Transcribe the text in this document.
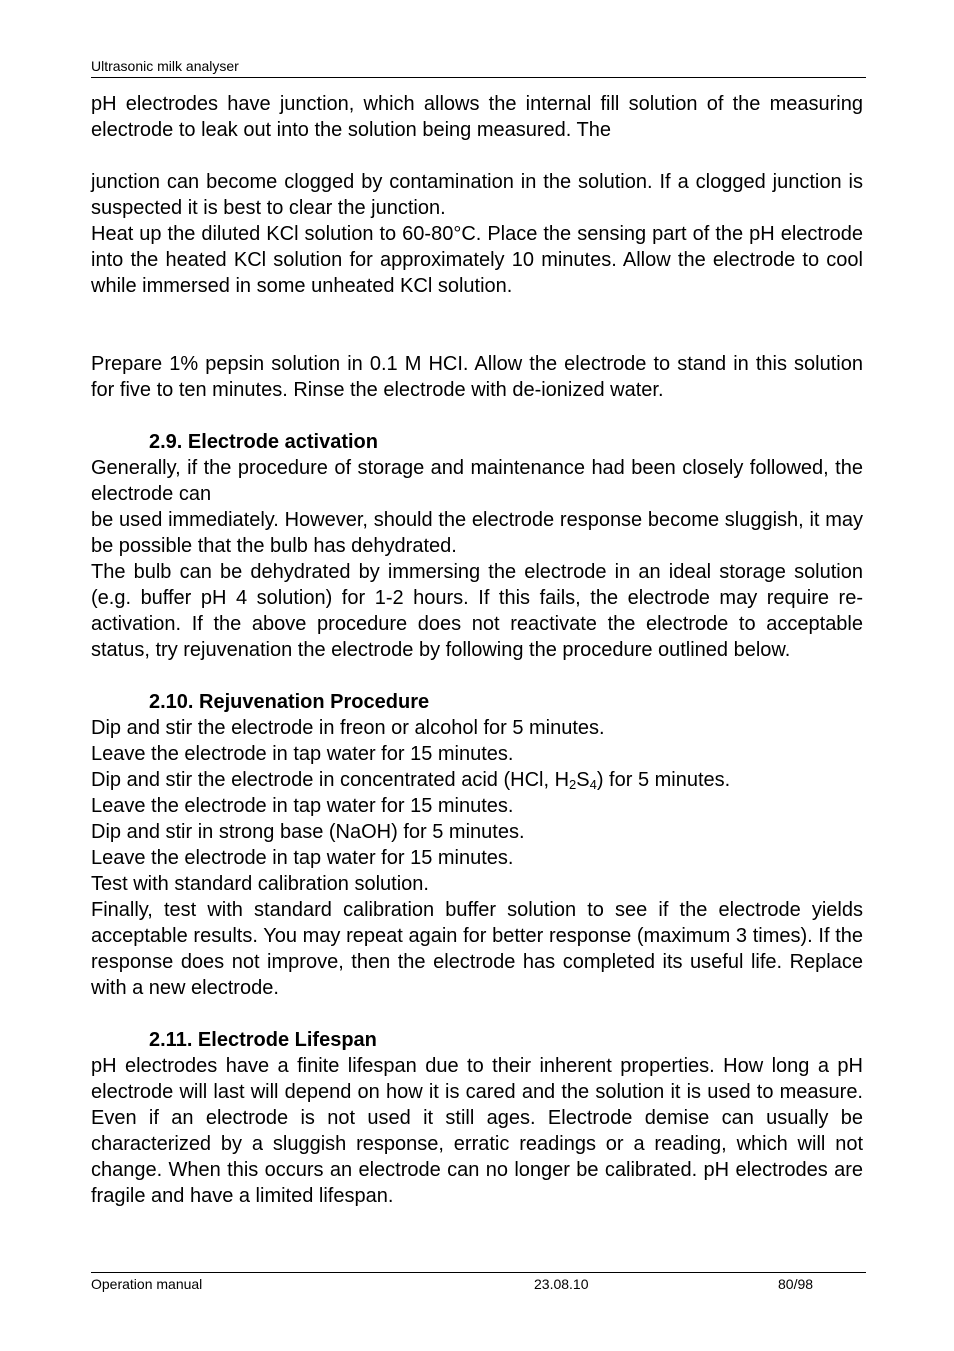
Ultrasonic milk analyser

pH electrodes have junction, which allows the internal fill solution of the measuring electrode to leak out into the solution being measured. The

junction can become clogged by contamination in the solution. If a clogged junction is suspected it is best to clear the junction.

Heat up the diluted KCl solution to 60-80°C. Place the sensing part of the pH electrode into the heated KCl solution for approximately 10 minutes. Allow the electrode to cool while immersed in some unheated KCl solution.

Prepare 1% pepsin solution in 0.1 M HCI. Allow the electrode to stand in this solution for five to ten minutes. Rinse the electrode with de-ionized water.

2.9. Electrode activation

Generally, if the procedure of storage and maintenance had been closely followed, the electrode can

be used immediately. However, should the electrode response become sluggish, it may be possible that the bulb has dehydrated.

The bulb can be dehydrated by immersing the electrode in an ideal storage solution (e.g. buffer pH 4 solution) for 1-2 hours. If this fails, the electrode may require re-activation. If the above procedure does not reactivate the electrode to acceptable status, try rejuvenation the electrode by following the procedure outlined below.

2.10. Rejuvenation Procedure
Dip and stir the electrode in freon or alcohol for 5 minutes.
Leave the electrode in tap water for 15 minutes.
Dip and stir the electrode in concentrated acid (HCl, $H_2S_4$) for 5 minutes.
Leave the electrode in tap water for 15 minutes.
Dip and stir in strong base (NaOH) for 5 minutes.
Leave the electrode in tap water for 15 minutes.
Test with standard calibration solution.

Finally, test with standard calibration buffer solution to see if the electrode yields acceptable results. You may repeat again for better response (maximum 3 times). If the response does not improve, then the electrode has completed its useful life. Replace with a new electrode.

2.11. Electrode Lifespan

pH electrodes have a finite lifespan due to their inherent properties. How long a pH electrode will last will depend on how it is cared and the solution it is used to measure. Even if an electrode is not used it still ages. Electrode demise can usually be characterized by a sluggish response, erratic readings or a reading, which will not change. When this occurs an electrode can no longer be calibrated. pH electrodes are fragile and have a limited lifespan.

Operation manual	23.08.10	80/98
